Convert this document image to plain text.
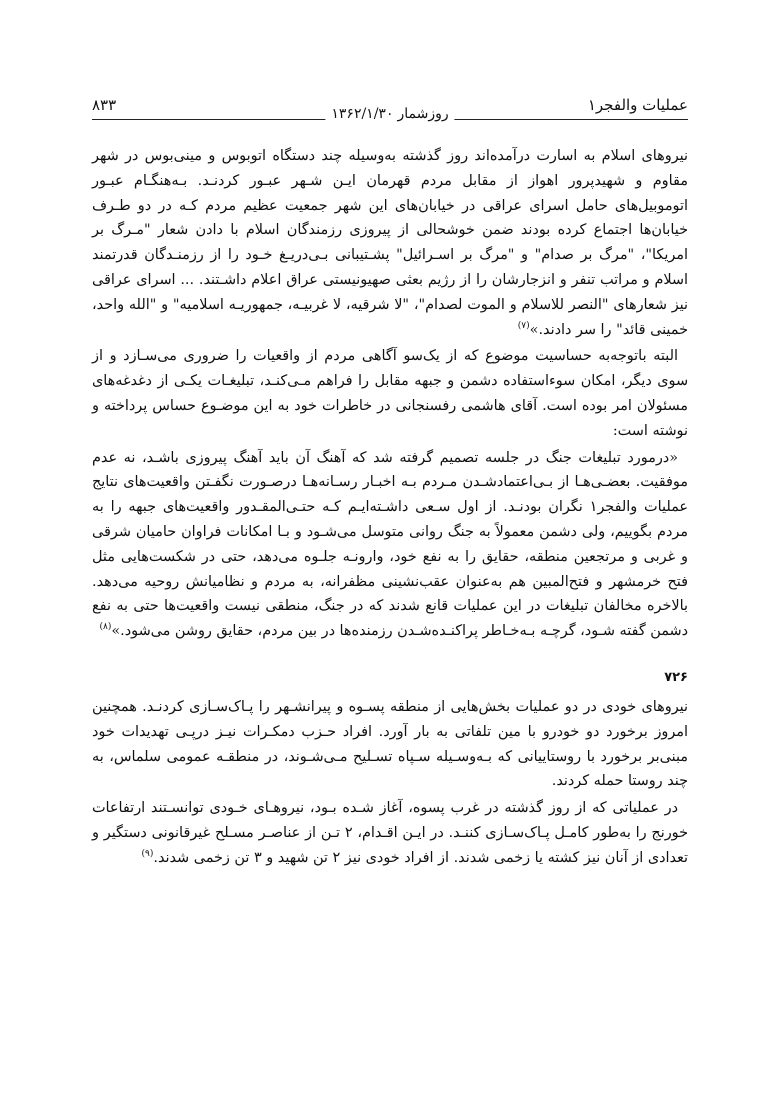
عملیات والفجر۱
۸۳۳	روزشمار
۱۳۶۲/۱/۳۰

نیروهای اسلام به اسارت درآمده‌اند روز گذشته به‌وسیله چند دستگاه اتوبوس و مینی‌بوس در شهر مقاوم و شهیدپرور اهواز از مقابل مردم قهرمان ایـن شـهر عبـور کردنـد. بـه‌هنگـام عبـور اتوموبیل‌های حامل اسرای عراقی در خیابان‌های این شهر جمعیت عظیم مردم کـه در دو طـرف خیابان‌ها اجتماع کرده بودند ضمن خوشحالی از پیروزی رزمندگان اسلام با دادن شعار "مـرگ بر امریکا"، "مرگ بر صدام" و "مرگ بر اسـرائیل" پشـتیبانی بـی‌دریـغ خـود را از رزمنـدگان قدرتمند اسلام و مراتب تنفر و انزجارشان را از رژیم بعثی صهیونیستی عراق اعلام داشـتند. ... اسرای عراقی نیز شعارهای "النصر للاسلام و الموت لصدام"، "لا شرقیه، لا غربیـه، جمهوریـه اسلامیه" و "الله واحد، خمینی قائد" را سر دادند.»$^{(۷)}$

البته باتوجه‌به حساسیت موضوع که از یک‌سو آگاهی مردم از واقعیات را ضروری می‌سـازد و از سوی دیگر، امکان سوءاستفاده دشمن و جبهه مقابل را فراهم مـی‌کنـد، تبلیغـات یکـی از دغدغه‌های مسئولان امر بوده است. آقای هاشمی رفسنجانی در خاطرات خود به این موضـوع حساس پرداخته و نوشته است:

«درمورد تبلیغات جنگ در جلسه تصمیم گرفته شد که آهنگ آن باید آهنگ پیروزی باشـد، نه عدم موفقیت. بعضـی‌هـا از بـی‌اعتمادشـدن مـردم بـه اخبـار رسـانه‌هـا درصـورت نگفـتن واقعیت‌های نتایج عملیات والفجر۱ نگران بودنـد. از اول سـعی داشـته‌ایـم کـه حتـی‌المقـدور واقعیت‌های جبهه را به مردم بگوییم، ولی دشمن معمولاً به جنگ روانی متوسل می‌شـود و بـا امکانات فراوان حامیان شرقی و غربی و مرتجعین منطقه، حقایق را به نفع خود، وارونـه جلـوه می‌دهد، حتی در شکست‌هایی مثل فتح خرمشهر و فتح‌المبین هم به‌عنوان عقب‌نشینی مظفرانه، به مردم و نظامیانش روحیه می‌دهد. بالاخره مخالفان تبلیغات در این عملیات قانع شدند که در جنگ، منطقی نیست واقعیت‌ها حتی به نفع دشمن گفته شـود، گرچـه بـه‌خـاطر پراکنـده‌شـدن رزمنده‌ها در بین مردم، حقایق روشن می‌شود.»$^{(۸)}$

۷۲۶

نیروهای خودی در دو عملیات بخش‌هایی از منطقه پسـوه و پیرانشـهر را پـاک‌سـازی کردنـد. همچنین امروز برخورد دو خودرو با مین تلفاتی به بار آورد. افراد حـزب دمکـرات نیـز درپـی تهدیدات خود مبنی‌بر برخورد با روستاییانی که بـه‌وسـیله سـپاه تسـلیح مـی‌شـوند، در منطقـه عمومی سلماس، به چند روستا حمله کردند.

در عملیاتی که از روز گذشته در غرب پسوه، آغاز شـده بـود، نیروهـای خـودی توانسـتند ارتفاعات خورنج را به‌طور کامـل پـاک‌سـازی کننـد. در ایـن اقـدام، ۲ تـن از عناصـر مسـلح غیرقانونی دستگیر و تعدادی از آنان نیز کشته یا زخمی شدند. از افراد خودی نیز ۲ تن شهید و ۳ تن زخمی شدند.$^{(۹)}$
